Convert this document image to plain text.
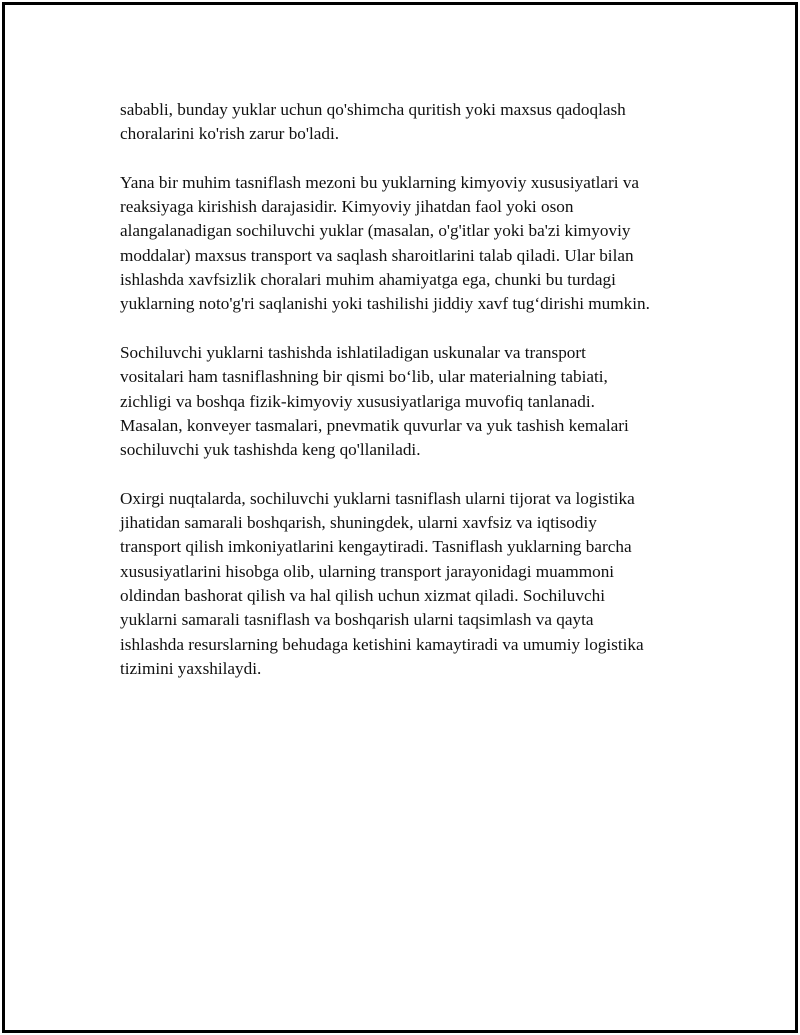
sababli, bunday yuklar uchun qo'shimcha quritish yoki maxsus qadoqlash
choralarini ko'rish zarur bo'ladi.

Yana bir muhim tasniflash mezoni bu yuklarning kimyoviy xususiyatlari va
reaksiyaga kirishish darajasidir. Kimyoviy jihatdan faol yoki oson
alangalanadigan sochiluvchi yuklar (masalan, o'g'itlar yoki ba'zi kimyoviy
moddalar) maxsus transport va saqlash sharoitlarini talab qiladi. Ular bilan
ishlashda xavfsizlik choralari muhim ahamiyatga ega, chunki bu turdagi
yuklarning noto'g'ri saqlanishi yoki tashilishi jiddiy xavf tug‘dirishi mumkin.

Sochiluvchi yuklarni tashishda ishlatiladigan uskunalar va transport
vositalari ham tasniflashning bir qismi bo‘lib, ular materialning tabiati,
zichligi va boshqa fizik-kimyoviy xususiyatlariga muvofiq tanlanadi.
Masalan, konveyer tasmalari, pnevmatik quvurlar va yuk tashish kemalari
sochiluvchi yuk tashishda keng qo'llaniladi.

Oxirgi nuqtalarda, sochiluvchi yuklarni tasniflash ularni tijorat va logistika
jihatidan samarali boshqarish, shuningdek, ularni xavfsiz va iqtisodiy
transport qilish imkoniyatlarini kengaytiradi. Tasniflash yuklarning barcha
xususiyatlarini hisobga olib, ularning transport jarayonidagi muammoni
oldindan bashorat qilish va hal qilish uchun xizmat qiladi. Sochiluvchi
yuklarni samarali tasniflash va boshqarish ularni taqsimlash va qayta
ishlashda resurslarning behudaga ketishini kamaytiradi va umumiy logistika
tizimini yaxshilaydi.
